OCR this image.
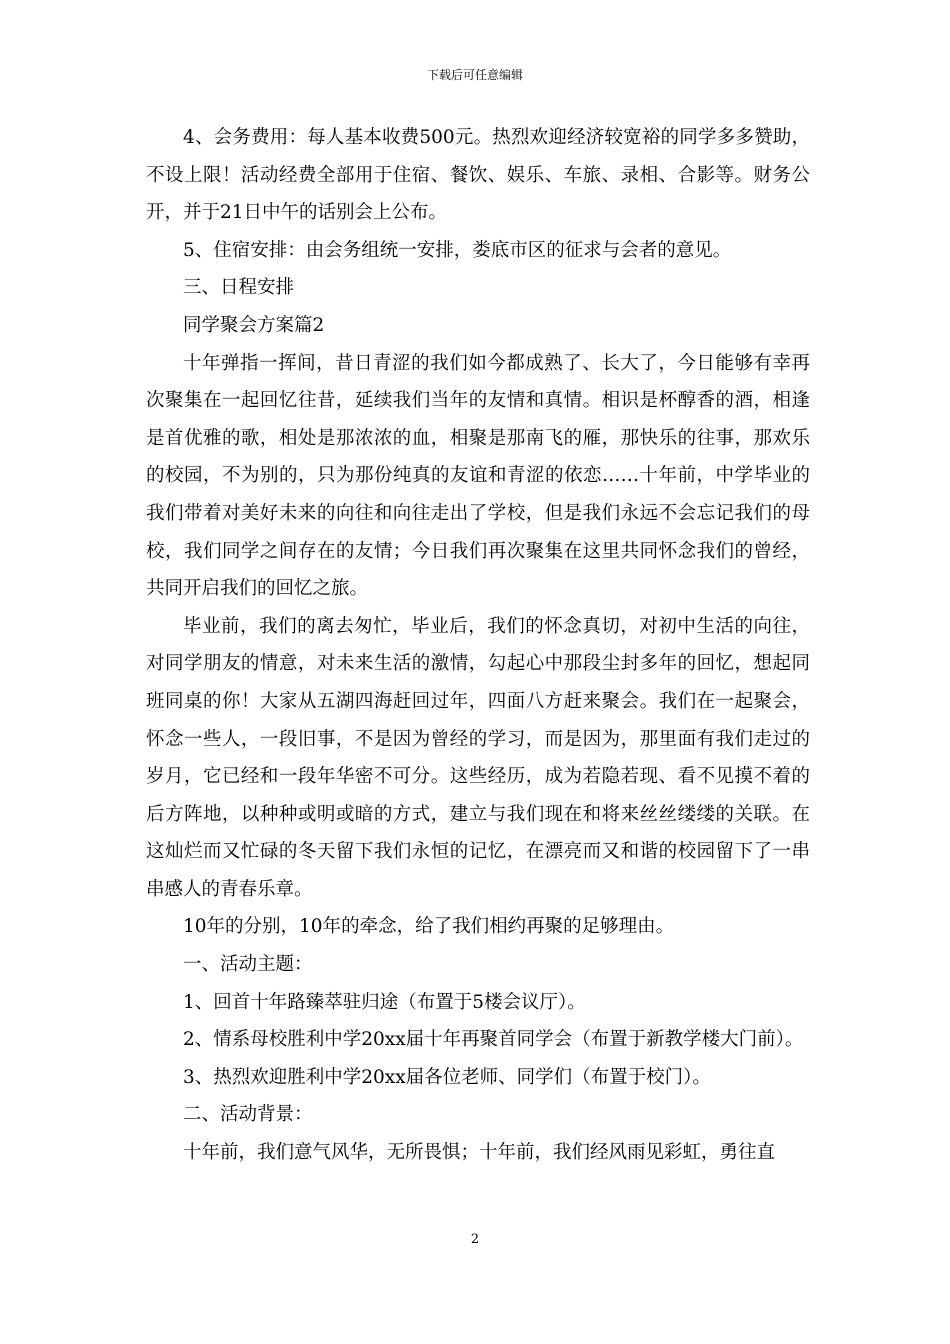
下载后可任意编辑

4、会务费用：每人基本收费500元。热烈欢迎经济较宽裕的同学多多赞助，不设上限！活动经费全部用于住宿、餐饮、娱乐、车旅、录相、合影等。财务公开，并于21日中午的话别会上公布。

5、住宿安排：由会务组统一安排，娄底市区的征求与会者的意见。

三、日程安排

同学聚会方案篇2

十年弹指一挥间，昔日青涩的我们如今都成熟了、长大了，今日能够有幸再次聚集在一起回忆往昔，延续我们当年的友情和真情。相识是杯醇香的酒，相逢是首优雅的歌，相处是那浓浓的血，相聚是那南飞的雁，那快乐的往事，那欢乐的校园，不为别的，只为那份纯真的友谊和青涩的依恋……十年前，中学毕业的我们带着对美好未来的向往和向往走出了学校，但是我们永远不会忘记我们的母校，我们同学之间存在的友情；今日我们再次聚集在这里共同怀念我们的曾经，共同开启我们的回忆之旅。

毕业前，我们的离去匆忙，毕业后，我们的怀念真切，对初中生活的向往，对同学朋友的情意，对未来生活的激情，勾起心中那段尘封多年的回忆，想起同班同桌的你！大家从五湖四海赶回过年，四面八方赶来聚会。我们在一起聚会，怀念一些人，一段旧事，不是因为曾经的学习，而是因为，那里面有我们走过的岁月，它已经和一段年华密不可分。这些经历，成为若隐若现、看不见摸不着的后方阵地，以种种或明或暗的方式，建立与我们现在和将来丝丝缕缕的关联。在这灿烂而又忙碌的冬天留下我们永恒的记忆，在漂亮而又和谐的校园留下了一串串感人的青春乐章。

10年的分别，10年的牵念，给了我们相约再聚的足够理由。

一、活动主题：

1、回首十年路臻萃驻归途（布置于5楼会议厅）。

2、情系母校胜利中学20xx届十年再聚首同学会（布置于新教学楼大门前）。

3、热烈欢迎胜利中学20xx届各位老师、同学们（布置于校门）。

二、活动背景：

十年前，我们意气风华，无所畏惧；十年前，我们经风雨见彩虹，勇往直

2
